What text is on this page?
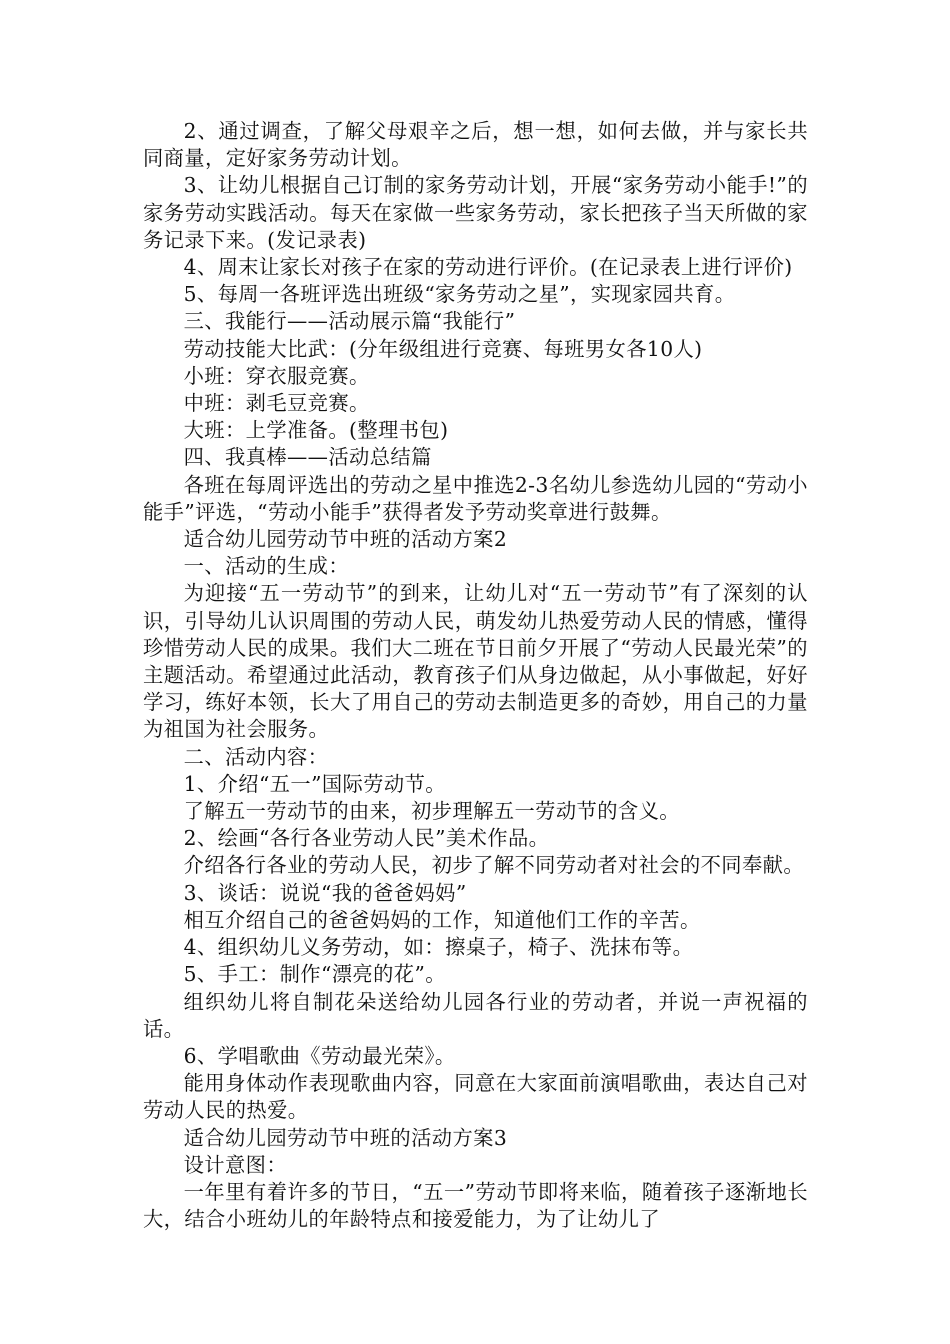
2、通过调查，了解父母艰辛之后，想一想，如何去做，并与家长共同商量，定好家务劳动计划。

3、让幼儿根据自己订制的家务劳动计划，开展“家务劳动小能手!”的家务劳动实践活动。每天在家做一些家务劳动，家长把孩子当天所做的家务记录下来。(发记录表)

4、周末让家长对孩子在家的劳动进行评价。(在记录表上进行评价)

5、每周一各班评选出班级“家务劳动之星”，实现家园共育。

三、我能行——活动展示篇“我能行”

劳动技能大比武：(分年级组进行竞赛、每班男女各10人)

小班：穿衣服竞赛。

中班：剥毛豆竞赛。

大班：上学准备。(整理书包)

四、我真棒——活动总结篇

各班在每周评选出的劳动之星中推选2-3名幼儿参选幼儿园的“劳动小能手”评选，“劳动小能手”获得者发予劳动奖章进行鼓舞。

适合幼儿园劳动节中班的活动方案2

一、活动的生成：

为迎接“五一劳动节”的到来，让幼儿对“五一劳动节”有了深刻的认识，引导幼儿认识周围的劳动人民，萌发幼儿热爱劳动人民的情感，懂得珍惜劳动人民的成果。我们大二班在节日前夕开展了“劳动人民最光荣”的主题活动。希望通过此活动，教育孩子们从身边做起，从小事做起，好好学习，练好本领，长大了用自己的劳动去制造更多的奇妙，用自己的力量为祖国为社会服务。

二、活动内容：

1、介绍“五一”国际劳动节。

了解五一劳动节的由来，初步理解五一劳动节的含义。

2、绘画“各行各业劳动人民”美术作品。

介绍各行各业的劳动人民，初步了解不同劳动者对社会的不同奉献。

3、谈话：说说“我的爸爸妈妈”

相互介绍自己的爸爸妈妈的工作，知道他们工作的辛苦。

4、组织幼儿义务劳动，如：擦桌子，椅子、洗抹布等。

5、手工：制作“漂亮的花”。

组织幼儿将自制花朵送给幼儿园各行业的劳动者，并说一声祝福的话。

6、学唱歌曲《劳动最光荣》。

能用身体动作表现歌曲内容，同意在大家面前演唱歌曲，表达自己对劳动人民的热爱。

适合幼儿园劳动节中班的活动方案3

设计意图：

一年里有着许多的节日，“五一”劳动节即将来临，随着孩子逐渐地长大，结合小班幼儿的年龄特点和接爱能力，为了让幼儿了
